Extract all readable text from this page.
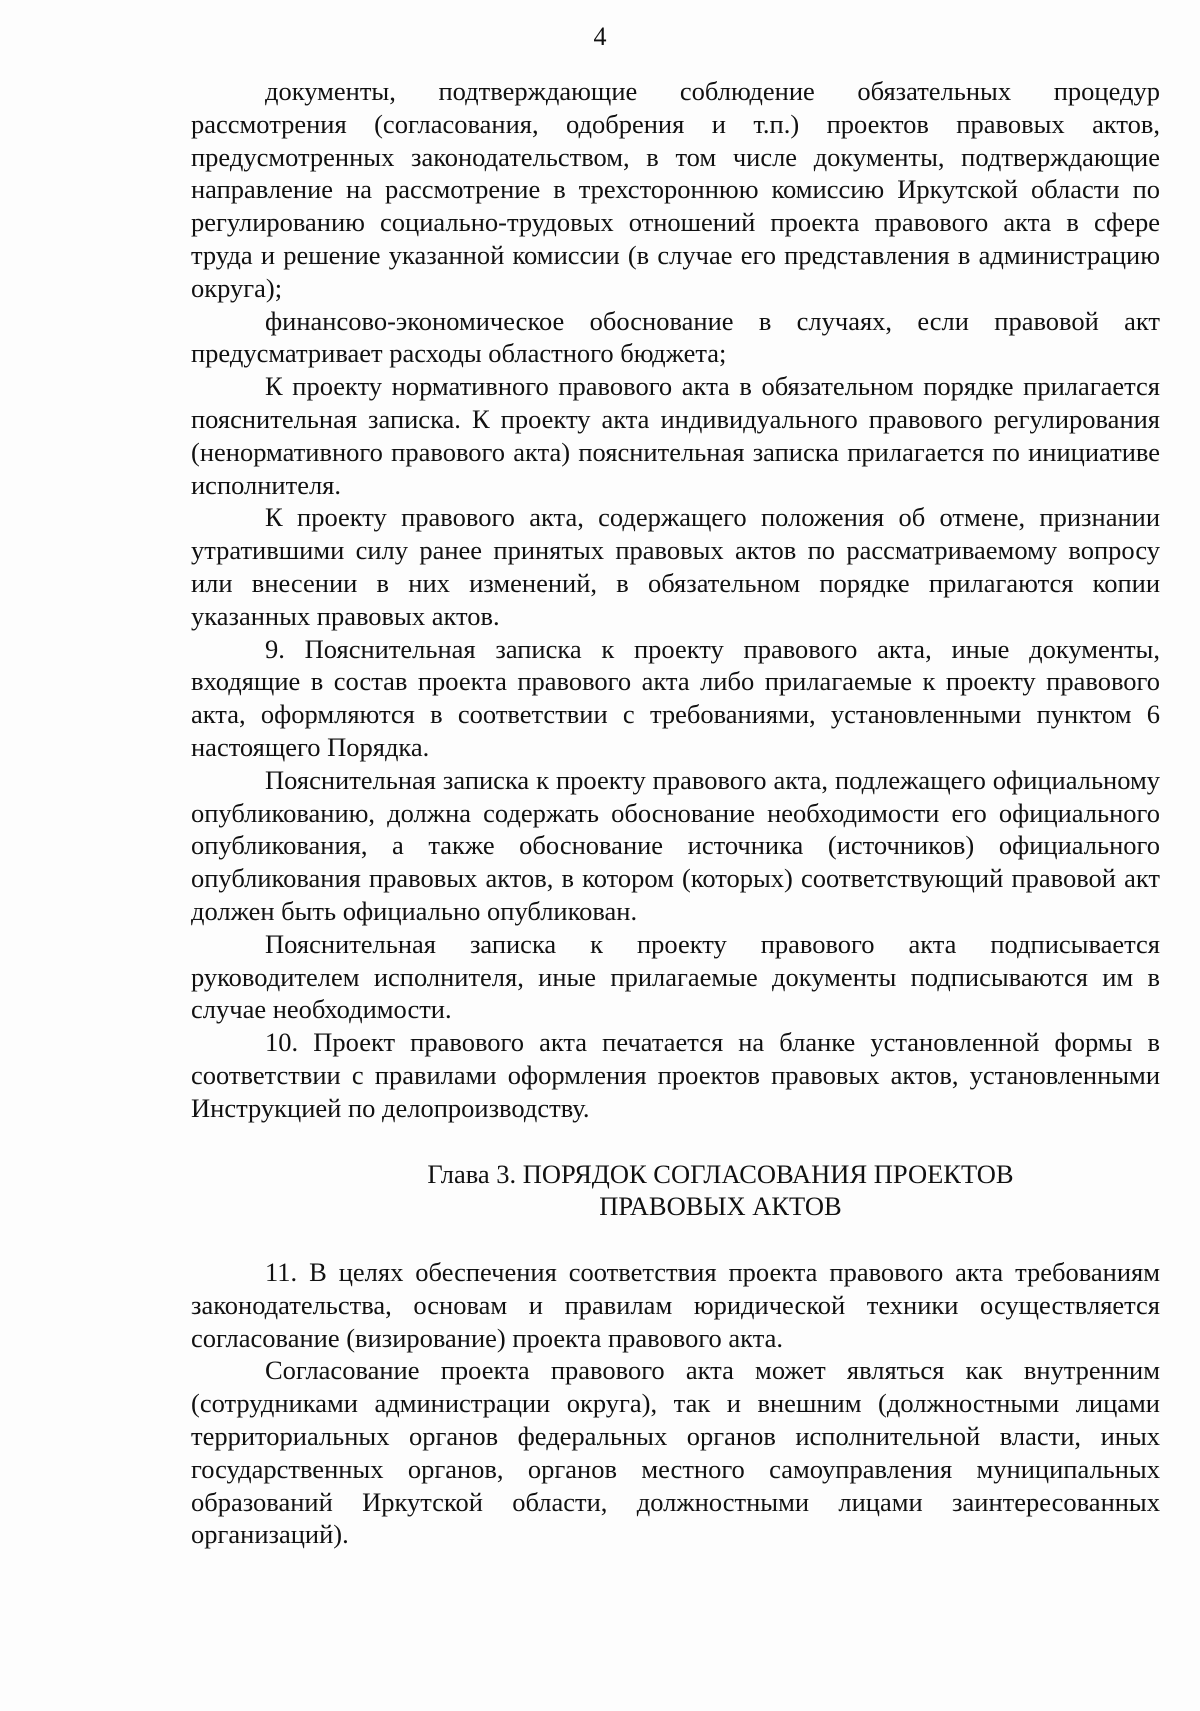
4

документы, подтверждающие соблюдение обязательных процедур рассмотрения (согласования, одобрения и т.п.) проектов правовых актов, предусмотренных законодательством, в том числе документы, подтверждающие направление на рассмотрение в трехстороннюю комиссию Иркутской области по регулированию социально-трудовых отношений проекта правового акта в сфере труда и решение указанной комиссии (в случае его представления в администрацию округа);

финансово-экономическое обоснование в случаях, если правовой акт предусматривает расходы областного бюджета;

К проекту нормативного правового акта в обязательном порядке прилагается пояснительная записка. К проекту акта индивидуального правового регулирования (ненормативного правового акта) пояснительная записка прилагается по инициативе исполнителя.

К проекту правового акта, содержащего положения об отмене, признании утратившими силу ранее принятых правовых актов по рассматриваемому вопросу или внесении в них изменений, в обязательном порядке прилагаются копии указанных правовых актов.

9. Пояснительная записка к проекту правового акта, иные документы, входящие в состав проекта правового акта либо прилагаемые к проекту правового акта, оформляются в соответствии с требованиями, установленными пунктом 6 настоящего Порядка.

Пояснительная записка к проекту правового акта, подлежащего официальному опубликованию, должна содержать обоснование необходимости его официального опубликования, а также обоснование источника (источников) официального опубликования правовых актов, в котором (которых) соответствующий правовой акт должен быть официально опубликован.

Пояснительная записка к проекту правового акта подписывается руководителем исполнителя, иные прилагаемые документы подписываются им в случае необходимости.

10. Проект правового акта печатается на бланке установленной формы в соответствии с правилами оформления проектов правовых актов, установленными Инструкцией по делопроизводству.

Глава 3. ПОРЯДОК СОГЛАСОВАНИЯ ПРОЕКТОВ
ПРАВОВЫХ АКТОВ

11. В целях обеспечения соответствия проекта правового акта требованиям законодательства, основам и правилам юридической техники осуществляется согласование (визирование) проекта правового акта.

Согласование проекта правового акта может являться как внутренним (сотрудниками администрации округа), так и внешним (должностными лицами территориальных органов федеральных органов исполнительной власти, иных государственных органов, органов местного самоуправления муниципальных образований Иркутской области, должностными лицами заинтересованных организаций).
